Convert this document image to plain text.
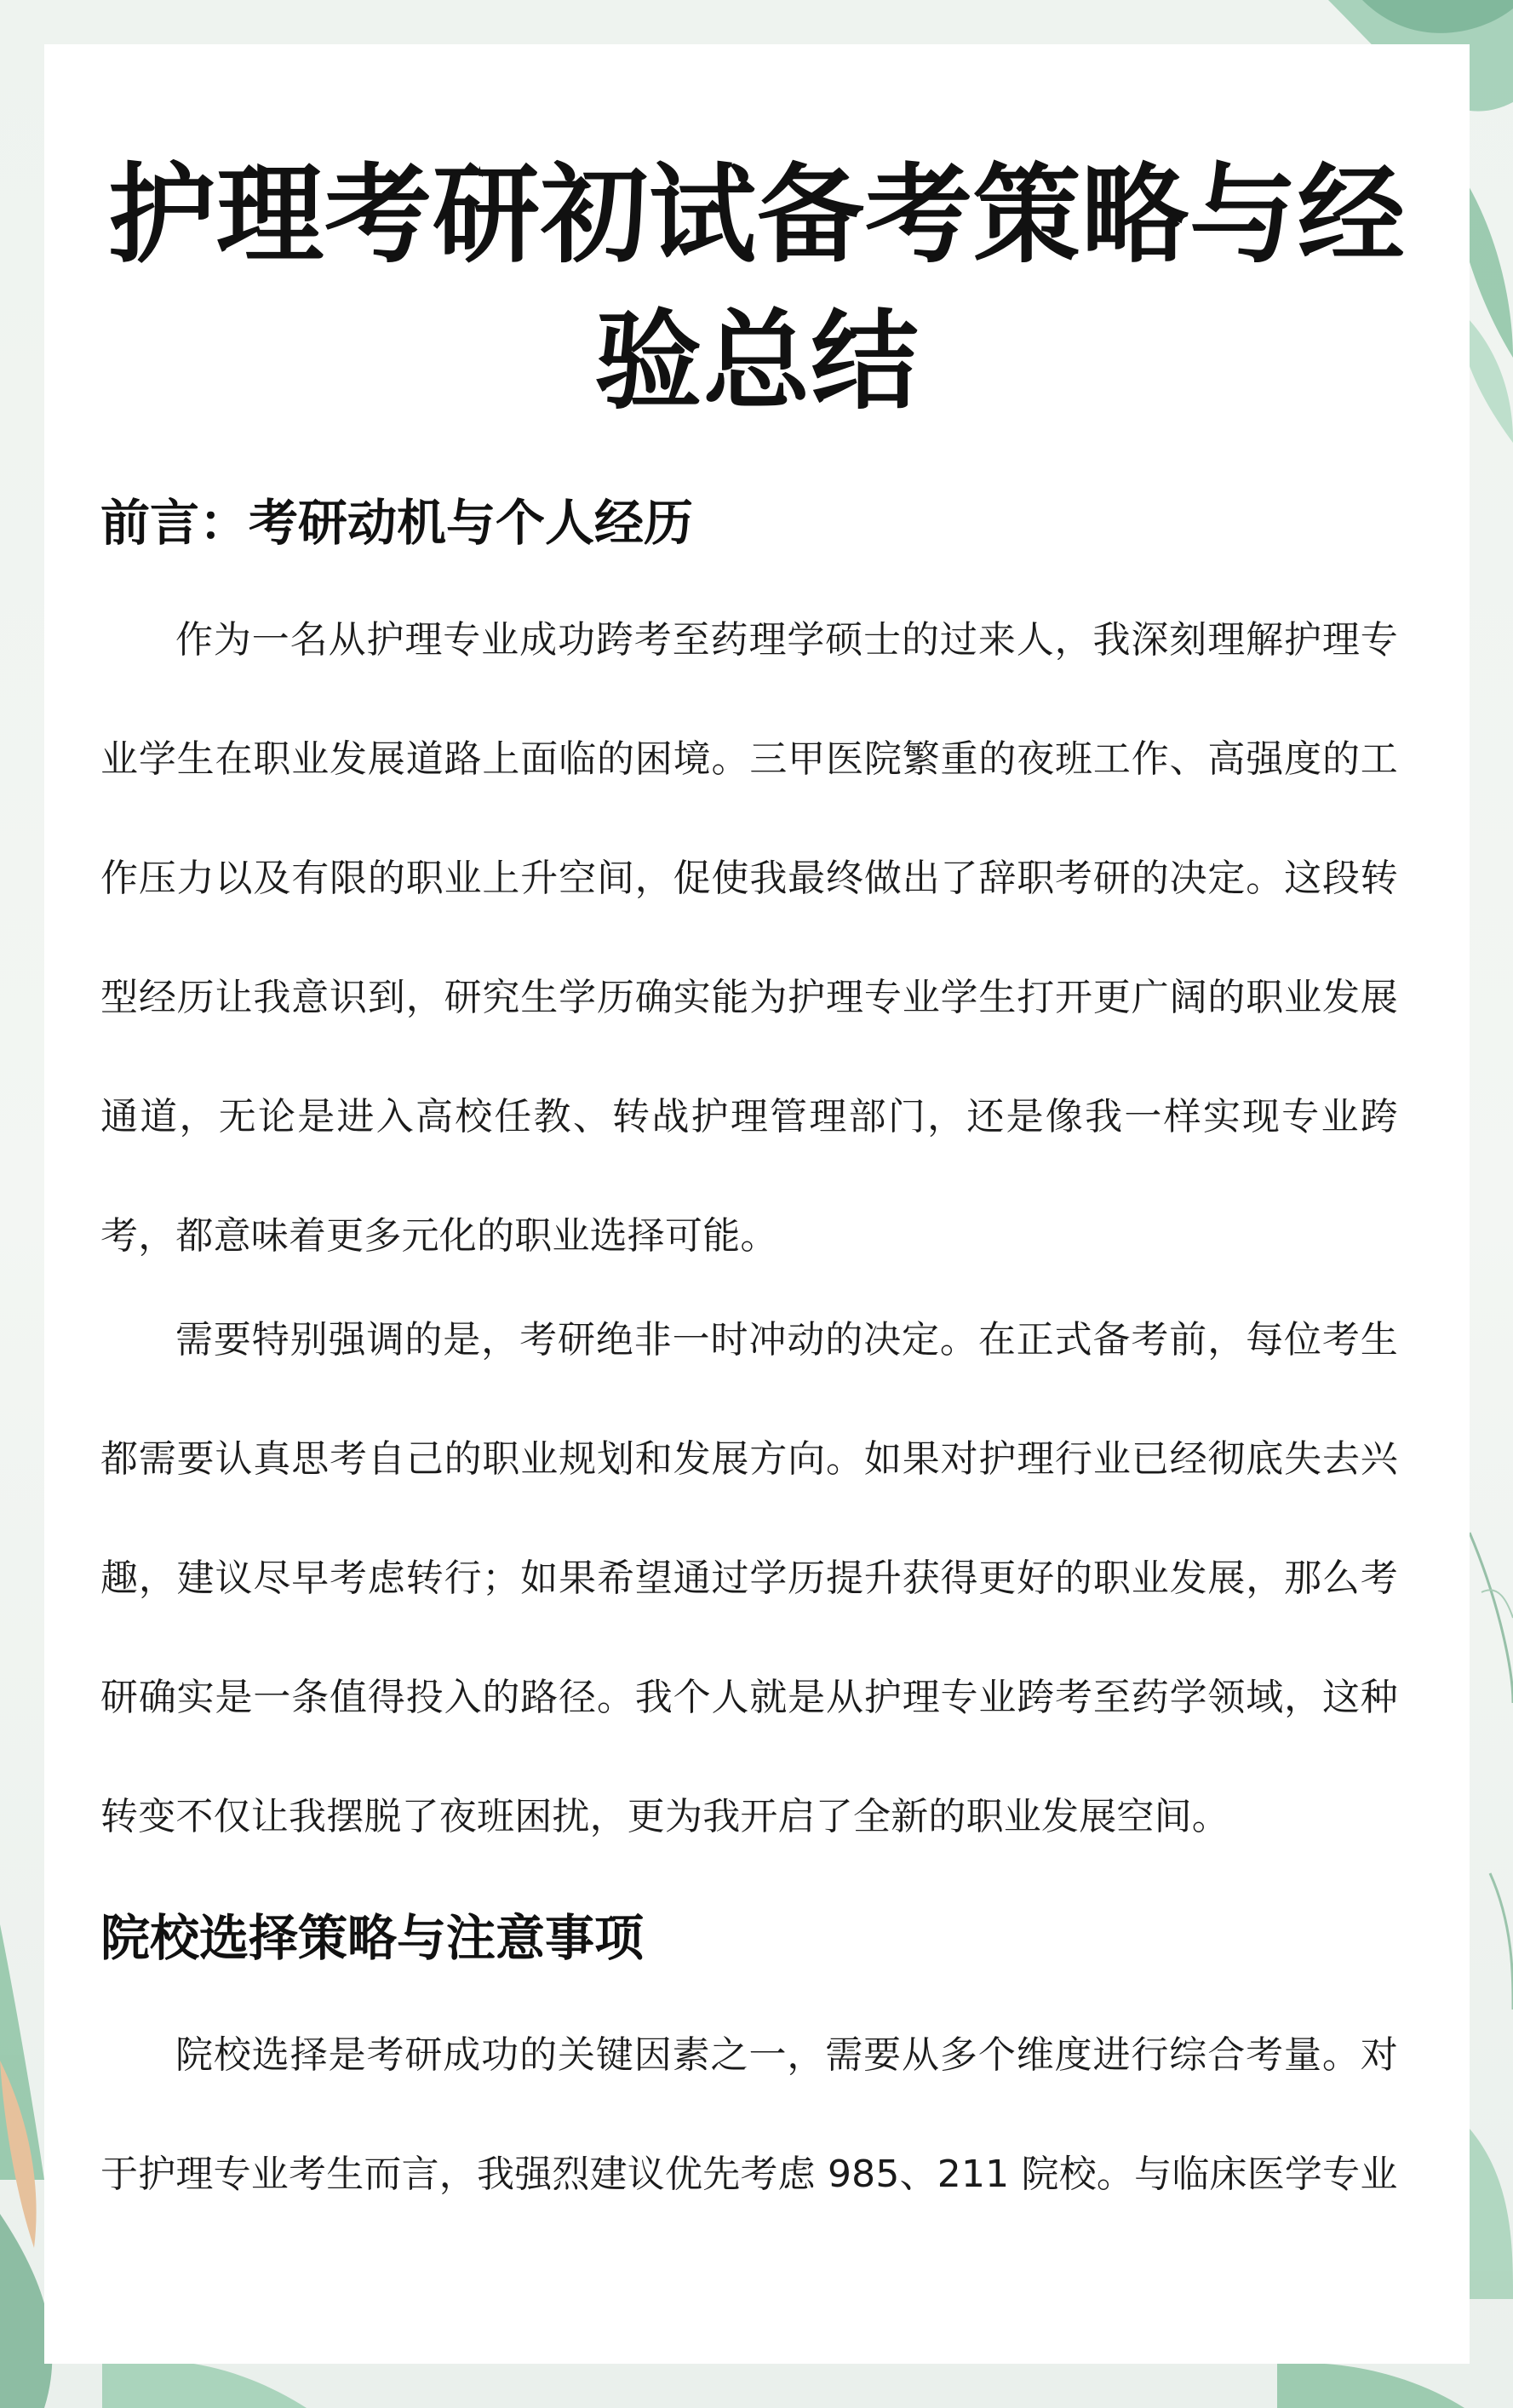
护理考研初试备考策略与经验总结
前言：考研动机与个人经历

作为一名从护理专业成功跨考至药理学硕士的过来人，我深刻理解护理专业学生在职业发展道路上面临的困境。三甲医院繁重的夜班工作、高强度的工作压力以及有限的职业上升空间，促使我最终做出了辞职考研的决定。这段转型经历让我意识到，研究生学历确实能为护理专业学生打开更广阔的职业发展通道，无论是进入高校任教、转战护理管理部门，还是像我一样实现专业跨考，都意味着更多元化的职业选择可能。

需要特别强调的是，考研绝非一时冲动的决定。在正式备考前，每位考生都需要认真思考自己的职业规划和发展方向。如果对护理行业已经彻底失去兴趣，建议尽早考虑转行；如果希望通过学历提升获得更好的职业发展，那么考研确实是一条值得投入的路径。我个人就是从护理专业跨考至药学领域，这种转变不仅让我摆脱了夜班困扰，更为我开启了全新的职业发展空间。

院校选择策略与注意事项

院校选择是考研成功的关键因素之一，需要从多个维度进行综合考量。对于护理专业考生而言，我强烈建议优先考虑 985、211 院校。与临床医学专业
